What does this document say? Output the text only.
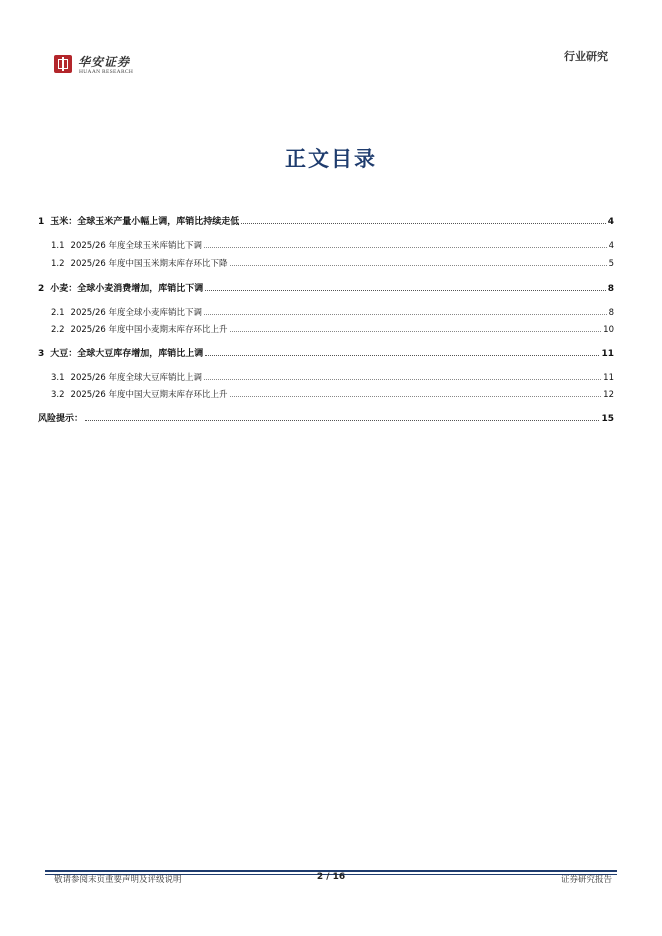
华安证券
HUAAN RESEARCH
行业研究
正文目录
1 玉米：全球玉米产量小幅上调，库销比持续走低	4
1.1 2025/26 年度全球玉米库销比下调	4
1.2 2025/26 年度中国玉米期末库存环比下降	5
2 小麦：全球小麦消费增加，库销比下调	8
2.1 2025/26 年度全球小麦库销比下调	8
2.2 2025/26 年度中国小麦期末库存环比上升	10
3 大豆：全球大豆库存增加，库销比上调	11
3.1 2025/26 年度全球大豆库销比上调	11
3.2 2025/26 年度中国大豆期末库存环比上升	12
风险提示：	15
敬请参阅末页重要声明及评级说明	2 / 16	证券研究报告
